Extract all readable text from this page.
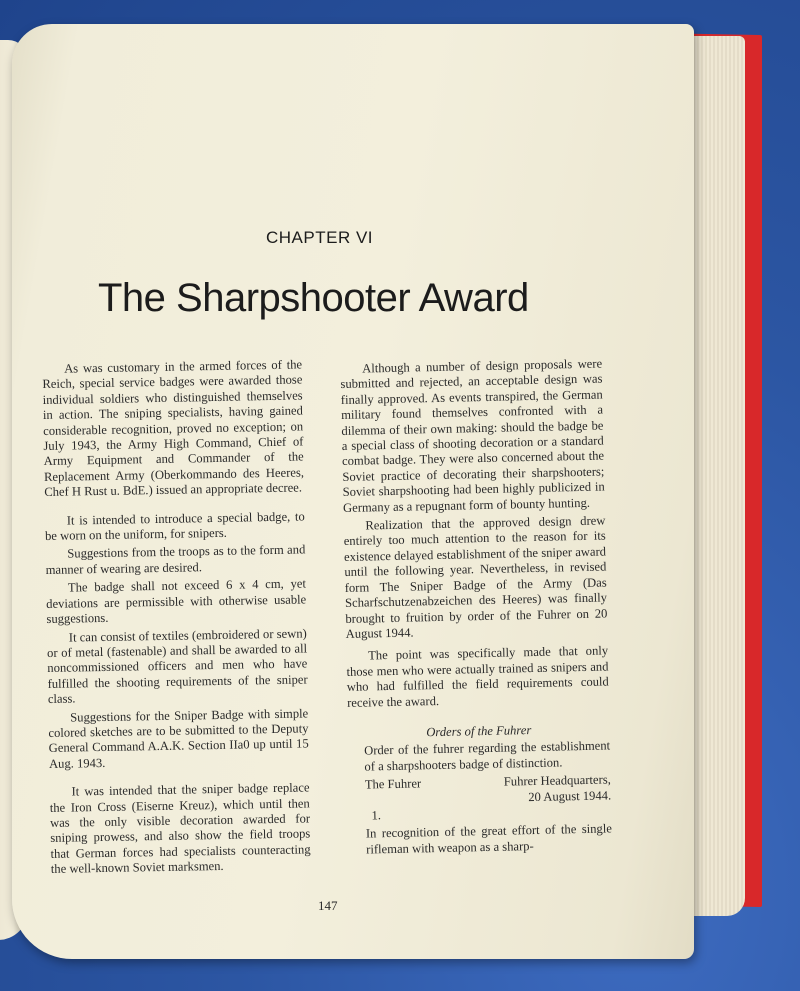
CHAPTER VI
The Sharpshooter Award

As was customary in the armed forces of the Reich, special service badges were awarded those individual soldiers who distinguished themselves in action. The sniping specialists, having gained considerable recognition, proved no exception; on July 1943, the Army High Command, Chief of Army Equipment and Commander of the Replacement Army (Oberkommando des Heeres, Chef H Rust u. BdE.) issued an appropriate decree.

It is intended to introduce a special badge, to be worn on the uniform, for snipers.

Suggestions from the troops as to the form and manner of wearing are desired.

The badge shall not exceed 6 x 4 cm, yet deviations are permissible with otherwise usable suggestions.

It can consist of textiles (embroidered or sewn) or of metal (fastenable) and shall be awarded to all noncommissioned officers and men who have fulfilled the shooting requirements of the sniper class.

Suggestions for the Sniper Badge with simple colored sketches are to be submitted to the Deputy General Command A.A.K. Section IIa0 up until 15 Aug. 1943.

It was intended that the sniper badge replace the Iron Cross (Eiserne Kreuz), which until then was the only visible decoration awarded for sniping prowess, and also show the field troops that German forces had specialists counteracting the well-known Soviet marksmen.

Although a number of design proposals were submitted and rejected, an acceptable design was finally approved. As events transpired, the German military found themselves confronted with a dilemma of their own making: should the badge be a special class of shooting decoration or a standard combat badge. They were also concerned about the Soviet practice of decorating their sharpshooters; Soviet sharpshooting had been highly publicized in Germany as a repugnant form of bounty hunting.

Realization that the approved design drew entirely too much attention to the reason for its existence delayed establishment of the sniper award until the following year. Nevertheless, in revised form The Sniper Badge of the Army (Das Scharfschutzenabzeichen des Heeres) was finally brought to fruition by order of the Fuhrer on 20 August 1944.

The point was specifically made that only those men who were actually trained as snipers and who had fulfilled the field requirements could receive the award.

Orders of the Fuhrer

Order of the fuhrer regarding the establishment of a sharpshooters badge of distinction.

The Fuhrer	Fuhrer Headquarters,
20 August 1944.

1.

In recognition of the great effort of the single rifleman with weapon as a sharp-

147
